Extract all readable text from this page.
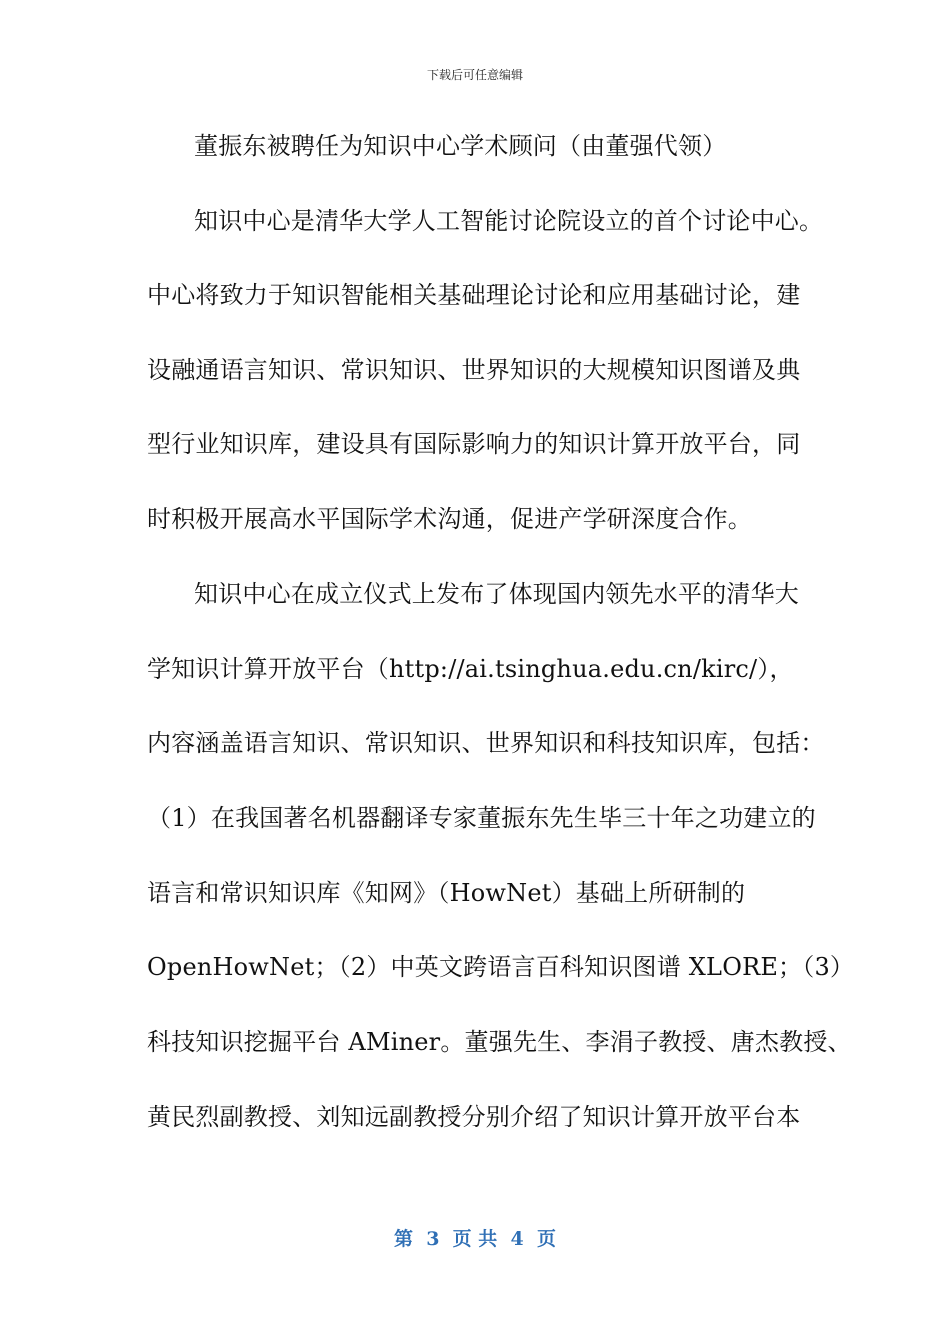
下载后可任意编辑
董振东被聘任为知识中心学术顾问（由董强代领）
知识中心是清华大学人工智能讨论院设立的首个讨论中心。
中心将致力于知识智能相关基础理论讨论和应用基础讨论，建
设融通语言知识、常识知识、世界知识的大规模知识图谱及典
型行业知识库，建设具有国际影响力的知识计算开放平台，同
时积极开展高水平国际学术沟通，促进产学研深度合作。
知识中心在成立仪式上发布了体现国内领先水平的清华大
学知识计算开放平台（http://ai.tsinghua.edu.cn/kirc/），
内容涵盖语言知识、常识知识、世界知识和科技知识库，包括：
（1）在我国著名机器翻译专家董振东先生毕三十年之功建立的
语言和常识知识库《知网》（HowNet）基础上所研制的
OpenHowNet；（2）中英文跨语言百科知识图谱 XLORE；（3）
科技知识挖掘平台 AMiner。董强先生、李涓子教授、唐杰教授、
黄民烈副教授、刘知远副教授分别介绍了知识计算开放平台本
第  3  页 共  4  页
